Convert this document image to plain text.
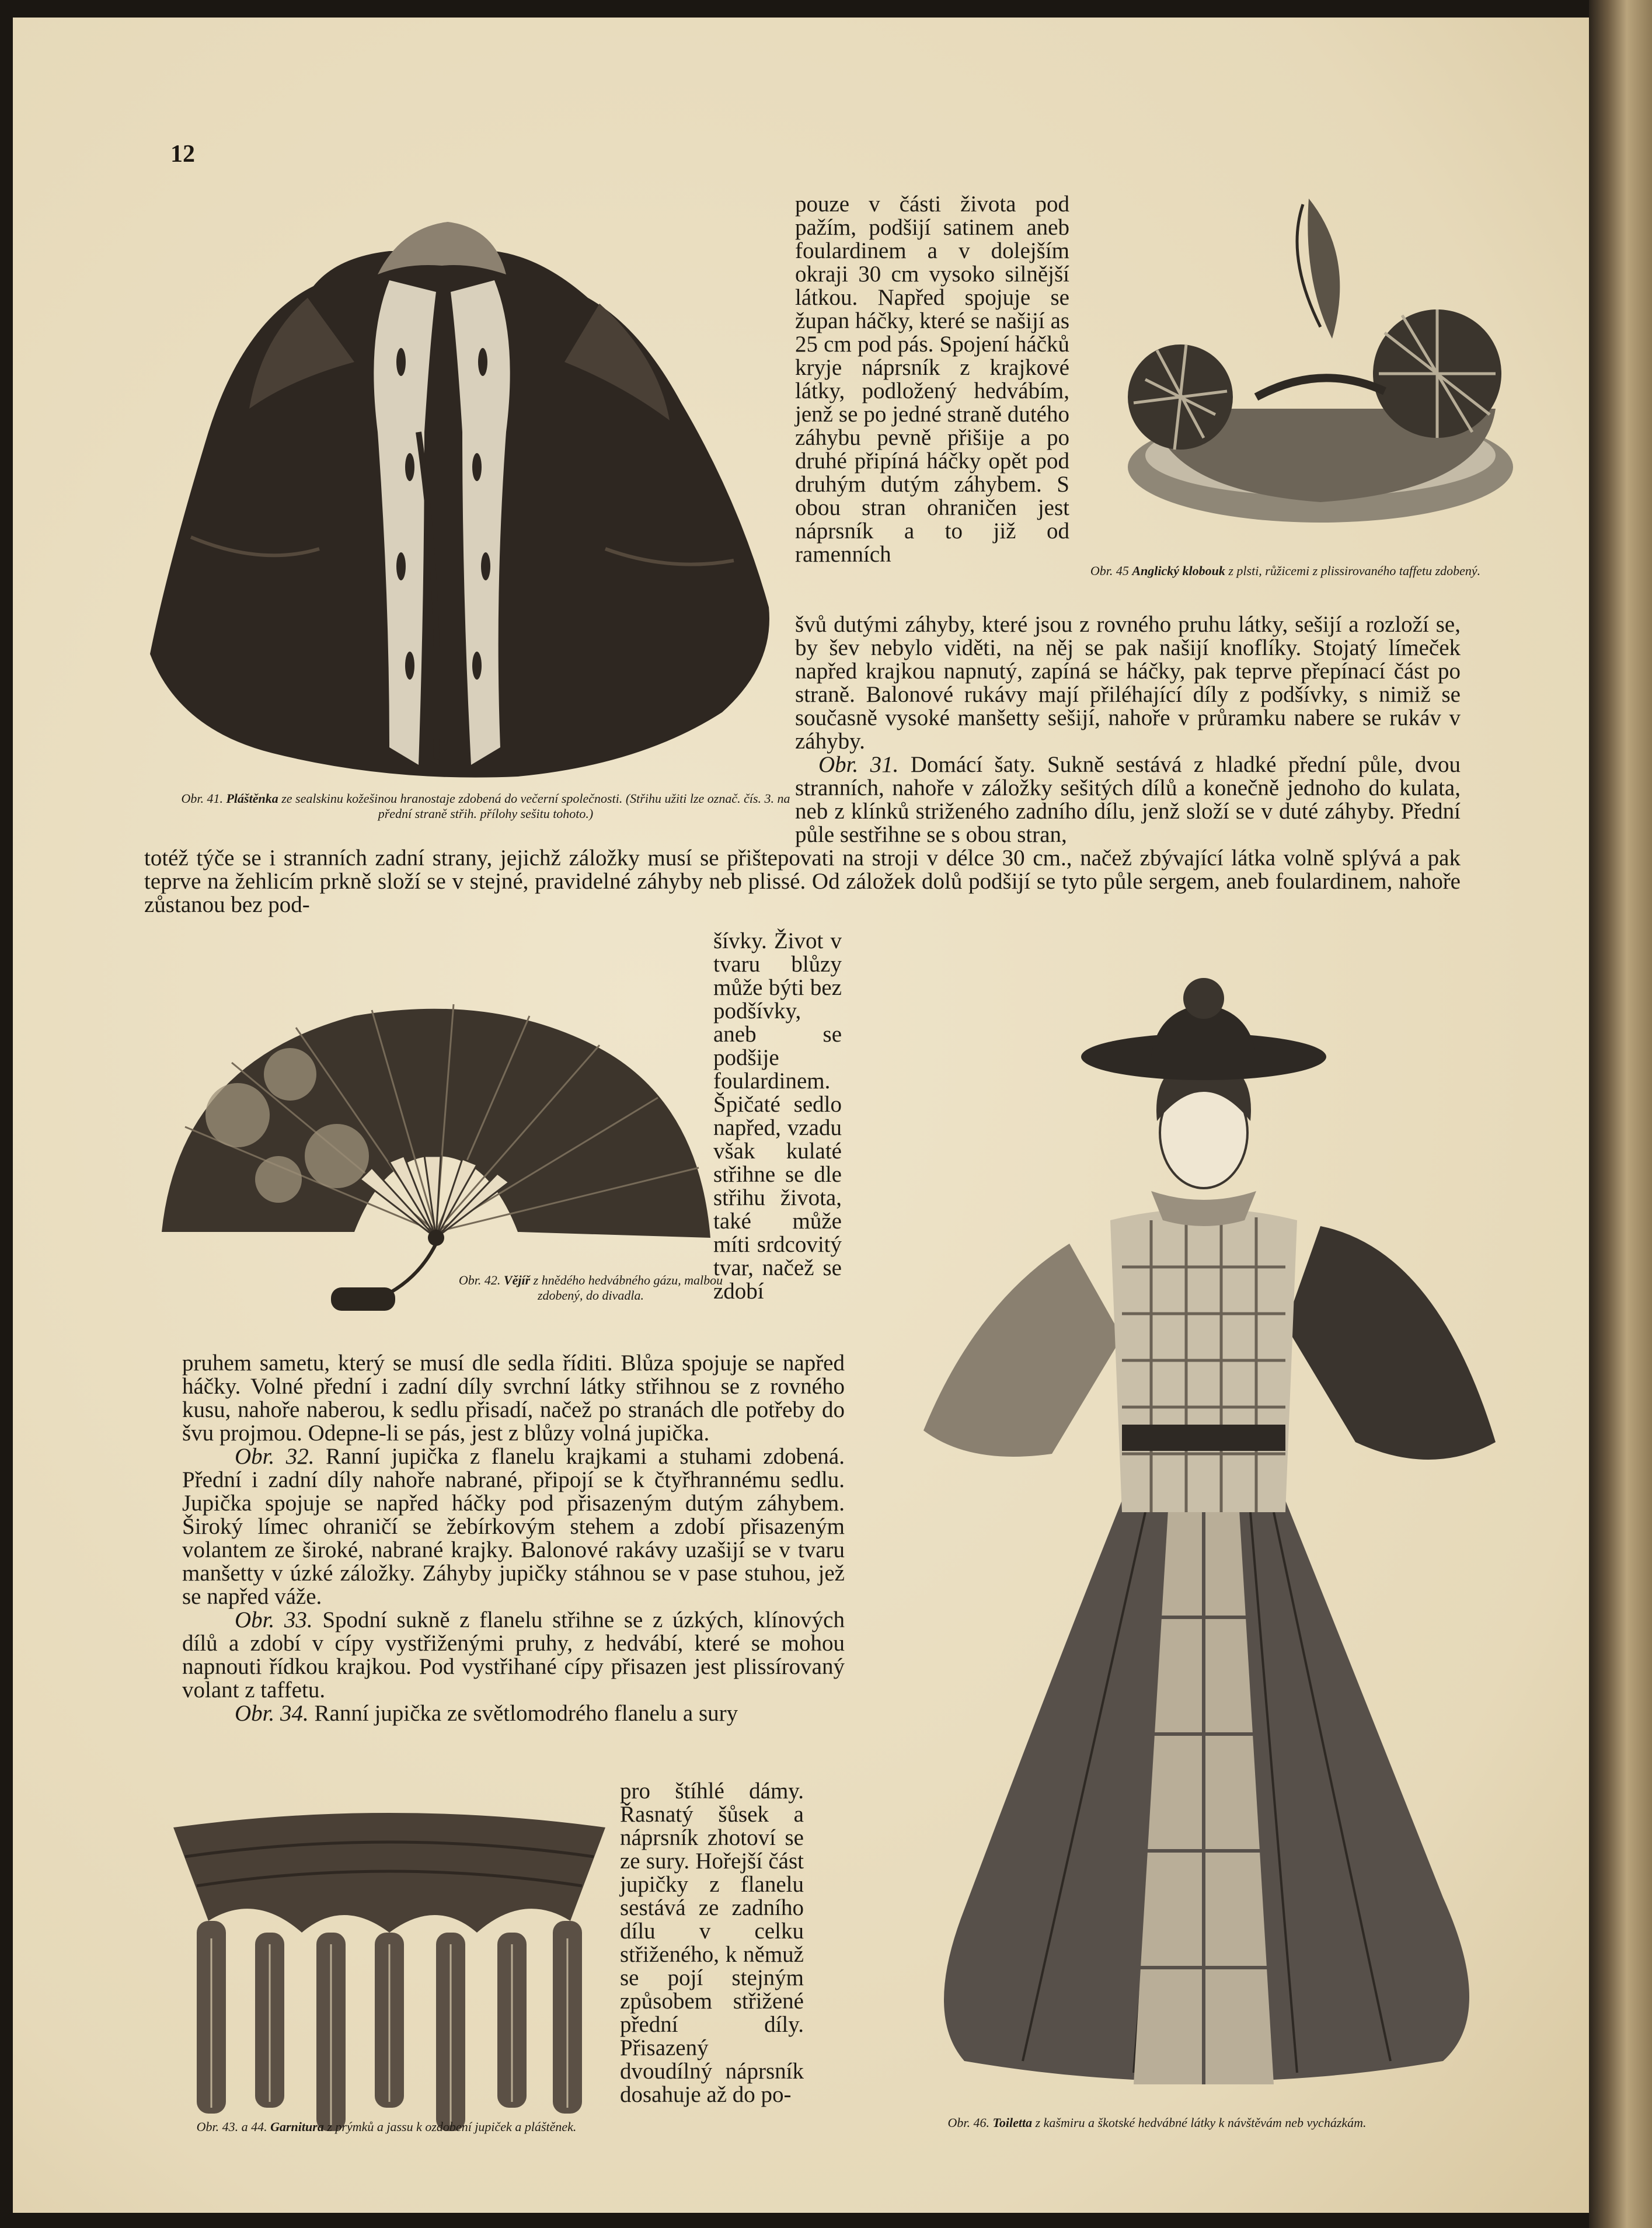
12
Obr. 41. Pláštěnka ze sealskinu kožešinou hranostaje zdobená do večerní společnosti. (Střihu užiti lze označ. čís. 3. na přední straně střih. přílohy sešitu tohoto.)

pouze v části života pod pažím, podšijí satinem aneb foulardinem a v dolejším okraji 30 cm vysoko silnější látkou. Napřed spojuje se župan háčky, které se našijí as 25 cm pod pás. Spojení háčků kryje náprsník z krajkové látky, podložený hedvábím, jenž se po jedné straně dutého záhybu pevně přišije a po druhé připíná háčky opět pod druhým dutým záhybem. S obou stran ohraničen jest náprsník a to již od ramenních

Obr. 45 Anglický klobouk z plsti, růžicemi z plissirovaného taffetu zdobený.

švů dutými záhyby, které jsou z rovného pruhu látky, sešijí a rozloží se, by šev nebylo viděti, na něj se pak našijí knoflíky. Stojatý límeček napřed krajkou napnutý, zapíná se háčky, pak teprve přepínací část po straně. Balonové rukávy mají přiléhající díly z podšívky, s nimiž se současně vysoké manšetty sešijí, nahoře v průramku nabere se rukáv v záhyby.

Obr. 31. Domácí šaty. Sukně sestává z hladké přední půle, dvou stranních, nahoře v záložky sešitých dílů a konečně jednoho do kulata, neb z klínků striženého zadního dílu, jenž složí se v duté záhyby. Přední půle sestřihne se s obou stran,

totéž týče se i stranních zadní strany, jejichž záložky musí se přištepovati na stroji v délce 30 cm., načež zbývající látka volně splývá a pak teprve na žehlicím prkně složí se v stejné, pravidelné záhyby neb plissé. Od záložek dolů podšijí se tyto půle sergem, aneb foulardinem, nahoře zůstanou bez pod-

Obr. 42. Vějíř z hnědého hedvábného gázu, malbou zdobený, do divadla.

šívky. Život v tvaru blůzy může býti bez podšívky, aneb se podšije foulardinem. Špičaté sedlo napřed, vzadu však kulaté střihne se dle střihu života, také může míti srdcovitý tvar, načež se zdobí

pruhem sametu, který se musí dle sedla říditi. Blůza spojuje se napřed háčky. Volné přední i zadní díly svrchní látky střihnou se z rovného kusu, nahoře naberou, k sedlu přisadí, načež po stranách dle potřeby do švu projmou. Odepne-li se pás, jest z blůzy volná jupička.

Obr. 32. Ranní jupička z flanelu krajkami a stuhami zdobená. Přední i zadní díly nahoře nabrané, připojí se k čtyřhrannému sedlu. Jupička spojuje se napřed háčky pod přisazeným dutým záhybem. Široký límec ohraničí se žebírkovým stehem a zdobí přisazeným volantem ze široké, nabrané krajky. Balonové rakávy uzašijí se v tvaru manšetty v úzké záložky. Záhyby jupičky stáhnou se v pase stuhou, jež se napřed váže.

Obr. 33. Spodní sukně z flanelu střihne se z úzkých, klínových dílů a zdobí v cípy vystřiženými pruhy, z hedvábí, které se mohou napnouti řídkou krajkou. Pod vystřihané cípy přisazen jest plissírovaný volant z taffetu.

Obr. 34. Ranní jupička ze světlomodrého flanelu a sury

Obr. 43. a 44. Garnitura z prýmků a jassu k ozdobení jupiček a pláštěnek.

pro štíhlé dámy. Řasnatý šůsek a náprsník zhotoví se ze sury. Hořejší část jupičky z flanelu sestává ze zadního dílu v celku střiženého, k němuž se pojí stejným způsobem střižené přední díly. Přisazený dvoudílný náprsník dosahuje až do po-

Obr. 46. Toiletta z kašmiru a škotské hedvábné látky k návštěvám neb vycházkám.
